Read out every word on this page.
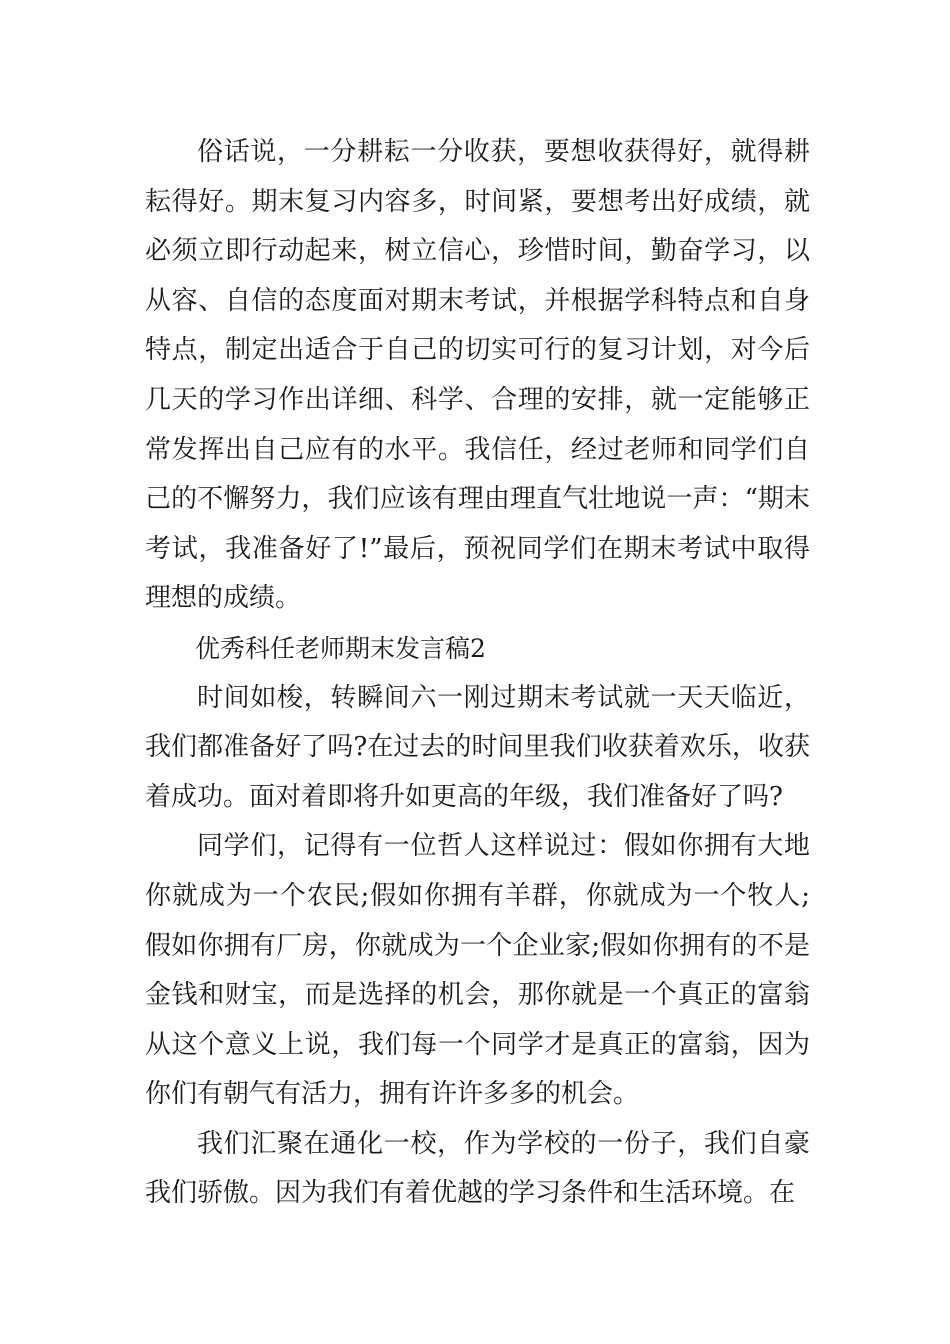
俗话说，一分耕耘一分收获，要想收获得好，就得耕耘得好。期末复习内容多，时间紧，要想考出好成绩，就必须立即行动起来，树立信心，珍惜时间，勤奋学习，以从容、自信的态度面对期末考试，并根据学科特点和自身特点，制定出适合于自己的切实可行的复习计划，对今后几天的学习作出详细、科学、合理的安排，就一定能够正常发挥出自己应有的水平。我信任，经过老师和同学们自己的不懈努力，我们应该有理由理直气壮地说一声：“期末考试，我准备好了!”最后，预祝同学们在期末考试中取得理想的成绩。

优秀科任老师期末发言稿2

时间如梭，转瞬间六一刚过期末考试就一天天临近，我们都准备好了吗?在过去的时间里我们收获着欢乐，收获着成功。面对着即将升如更高的年级，我们准备好了吗?

同学们，记得有一位哲人这样说过：假如你拥有大地你就成为一个农民;假如你拥有羊群，你就成为一个牧人;假如你拥有厂房，你就成为一个企业家;假如你拥有的不是金钱和财宝，而是选择的机会，那你就是一个真正的富翁从这个意义上说，我们每一个同学才是真正的富翁，因为你们有朝气有活力，拥有许许多多的机会。

我们汇聚在通化一校，作为学校的一份子，我们自豪我们骄傲。因为我们有着优越的学习条件和生活环境。在
